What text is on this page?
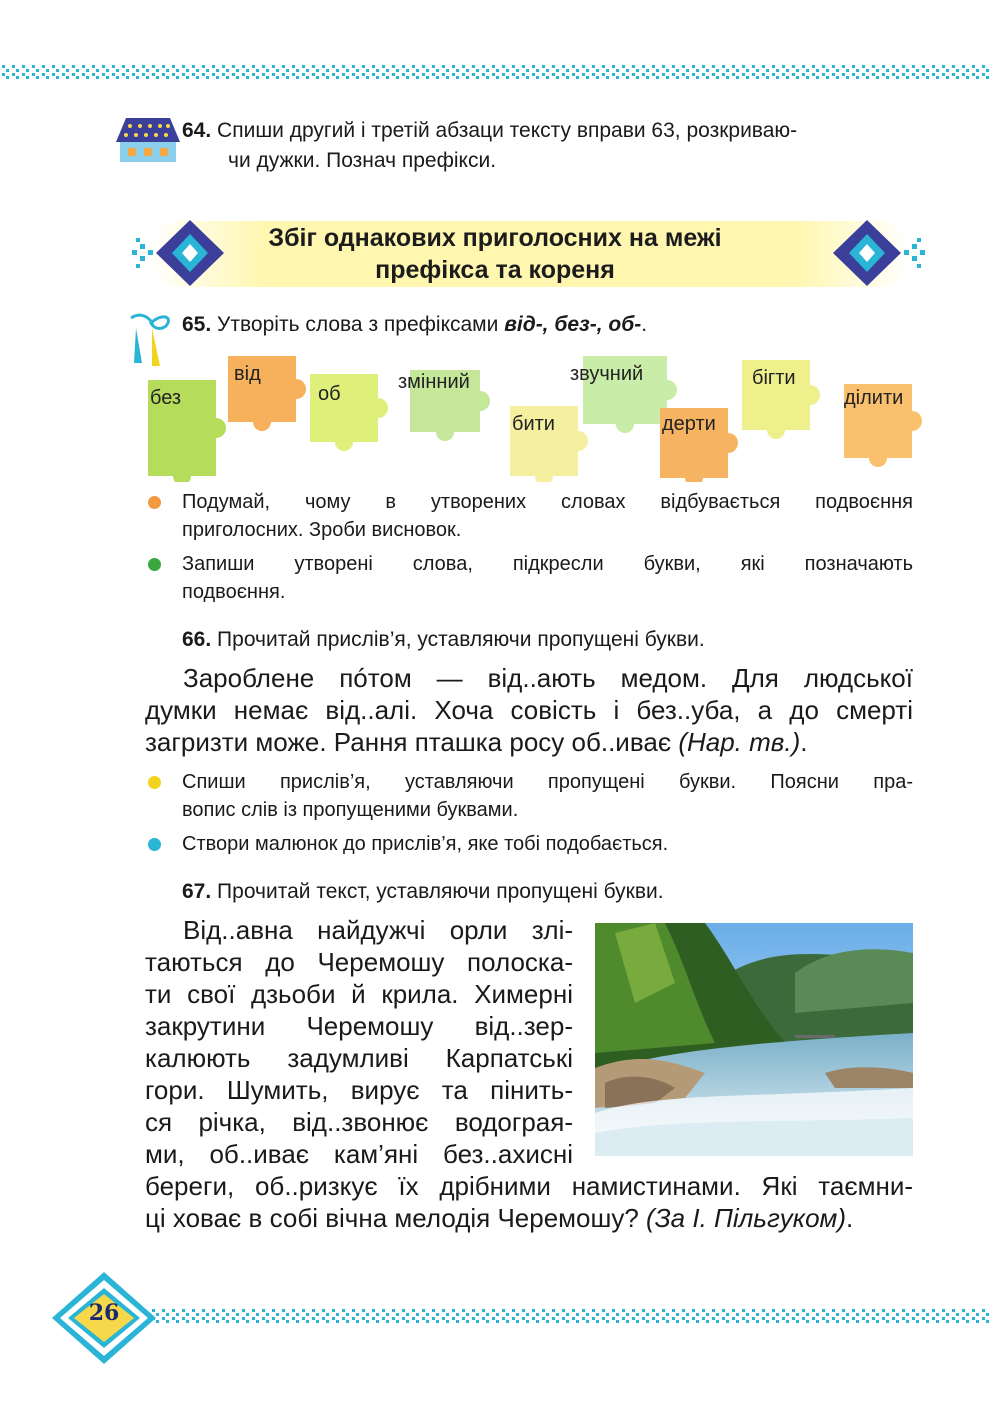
64. Спиши другий і третій абзаци тексту вправи 63, розкриваю-
чи дужки. Познач префікси.
Збіг однакових приголосних на межі
префікса та кореня
65. Утворіть слова з префіксами від-, без-, об-.
без
від
об
змінний
бити
звучний
дерти
бігти
ділити
Подумай, чому в утворених словах відбувається подвоєння
приголосних. Зроби висновок.
Запиши утворені слова, підкресли букви, які позначають
подвоєння.
66. Прочитай прислів’я, уставляючи пропущені букви.
Зароблене пóтом — від..ають медом. Для людської
думки немає від..алі. Хоча совість і без..уба, а до смерті
загризти може. Рання пташка росу об..иває (Нар. тв.).
Спиши прислів’я, уставляючи пропущені букви. Поясни пра-
вопис слів із пропущеними буквами.
Створи малюнок до прислів’я, яке тобі подобається.
67. Прочитай текст, уставляючи пропущені букви.
Від..авна найдужчі орли злі-
таються до Черемошу полоска-
ти свої дзьоби й крила. Химерні
закрутини Черемошу від..зер-
калюють задумливі Карпатські
гори. Шумить, вирує та пінить-
ся річка, від..звонює водограя-
ми, об..иває кам’яні без..ахисні
береги, об..ризкує їх дрібними намистинами. Які таємни-
ці ховає в собі вічна мелодія Черемошу? (За І. Пільгуком).
26
